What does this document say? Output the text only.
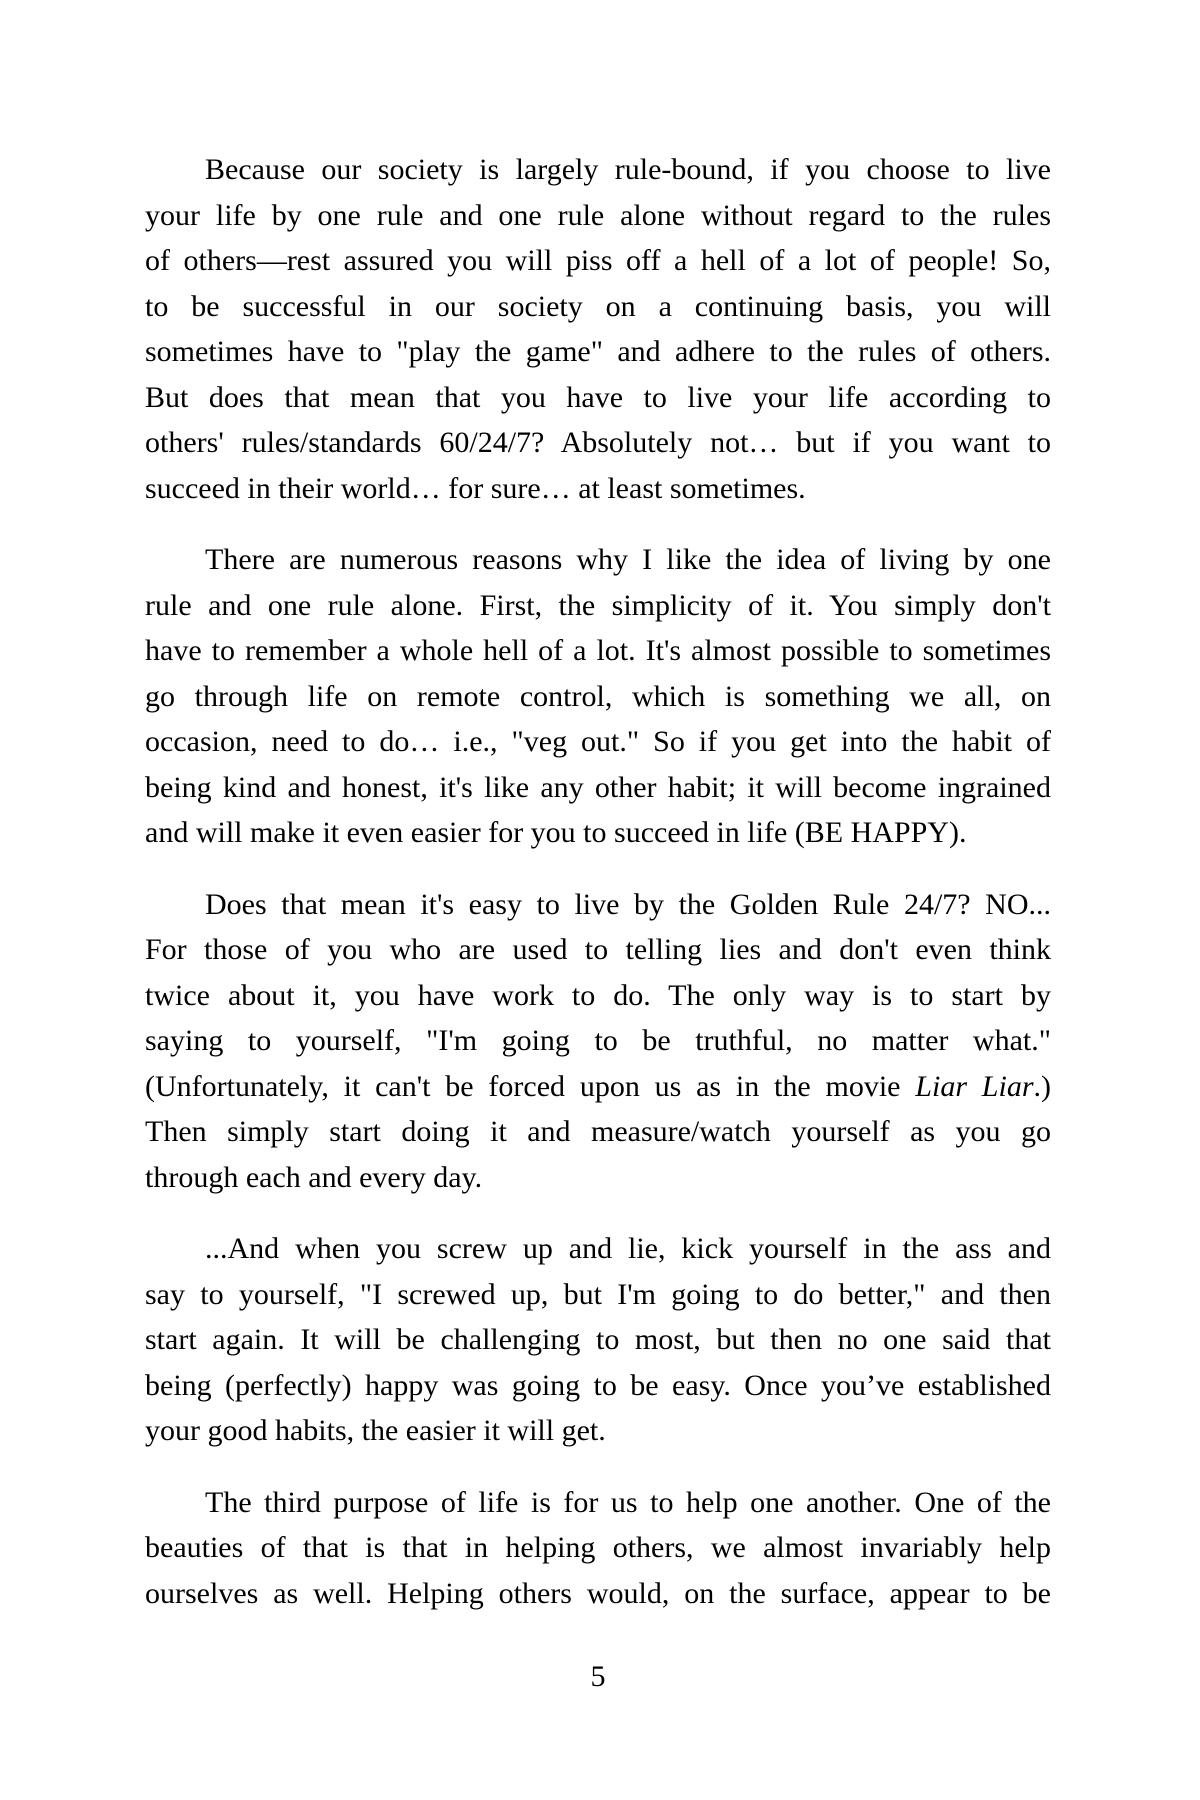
Because our society is largely rule-bound, if you choose to live
your life by one rule and one rule alone without regard to the rules
of others—rest assured you will piss off a hell of a lot of people! So,
to be successful in our society on a continuing basis, you will
sometimes have to "play the game" and adhere to the rules of others.
But does that mean that you have to live your life according to
others' rules/standards 60/24/7? Absolutely not… but if you want to
succeed in their world… for sure… at least sometimes.
There are numerous reasons why I like the idea of living by one
rule and one rule alone. First, the simplicity of it. You simply don't
have to remember a whole hell of a lot. It's almost possible to sometimes
go through life on remote control, which is something we all, on
occasion, need to do… i.e., "veg out." So if you get into the habit of
being kind and honest, it's like any other habit; it will become ingrained
and will make it even easier for you to succeed in life (BE HAPPY).
Does that mean it's easy to live by the Golden Rule 24/7? NO...
For those of you who are used to telling lies and don't even think
twice about it, you have work to do. The only way is to start by
saying to yourself, "I'm going to be truthful, no matter what."
(Unfortunately, it can't be forced upon us as in the movie Liar Liar.)
Then simply start doing it and measure/watch yourself as you go
through each and every day.
...And when you screw up and lie, kick yourself in the ass and
say to yourself, "I screwed up, but I'm going to do better," and then
start again. It will be challenging to most, but then no one said that
being (perfectly) happy was going to be easy. Once you’ve established
your good habits, the easier it will get.
The third purpose of life is for us to help one another. One of the
beauties of that is that in helping others, we almost invariably help
ourselves as well. Helping others would, on the surface, appear to be
5
